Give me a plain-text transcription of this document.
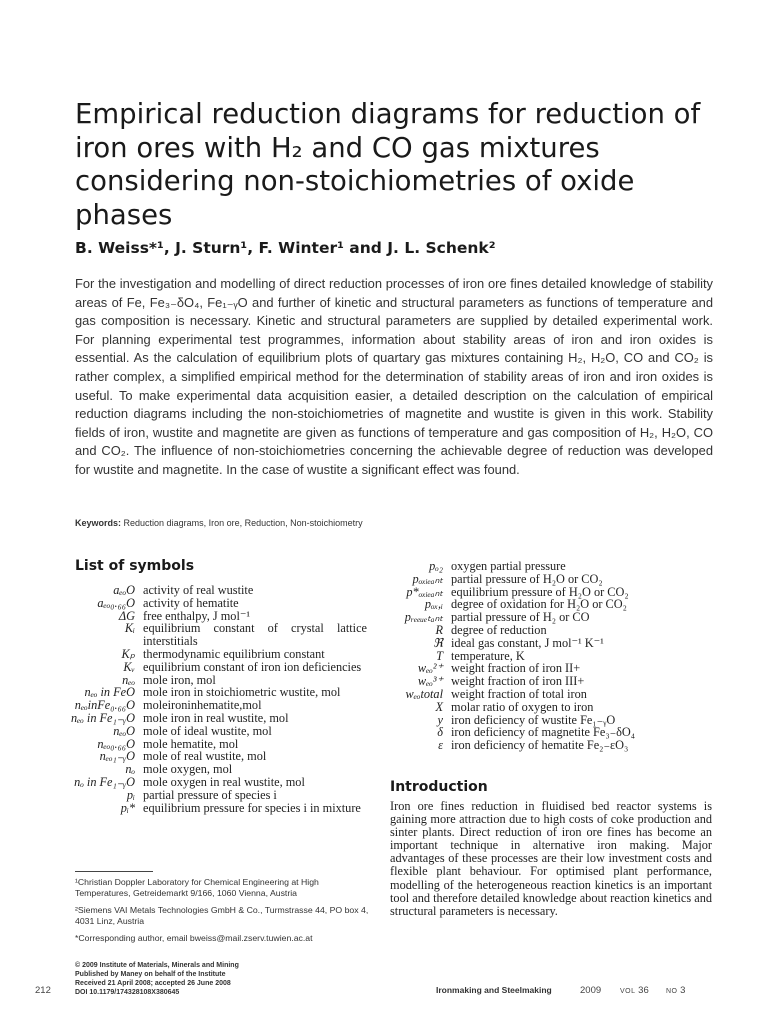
Empirical reduction diagrams for reduction of iron ores with H₂ and CO gas mixtures considering non-stoichiometries of oxide phases

B. Weiss*¹, J. Sturn¹, F. Winter¹ and J. L. Schenk²

For the investigation and modelling of direct reduction processes of iron ore fines detailed knowledge of stability areas of Fe, Fe₃₋δO₄, Fe₁₋ᵧO and further of kinetic and structural parameters as functions of temperature and gas composition is necessary. Kinetic and structural parameters are supplied by detailed experimental work. For planning experimental test programmes, information about stability areas of iron and iron oxides is essential. As the calculation of equilibrium plots of quartary gas mixtures containing H₂, H₂O, CO and CO₂ is rather complex, a simplified empirical method for the determination of stability areas of iron and iron oxides is useful. To make experimental data acquisition easier, a detailed description on the calculation of empirical reduction diagrams including the non-stoichiometries of magnetite and wustite is given in this work. Stability fields of iron, wustite and magnetite are given as functions of temperature and gas composition of H₂, H₂O, CO and CO₂. The influence of non-stoichiometries concerning the achievable degree of reduction was developed for wustite and magnetite. In the case of wustite a significant effect was found.

Keywords: Reduction diagrams, Iron ore, Reduction, Non-stoichiometry

List of symbols
aₑₒO	activity of real wustite
aₑₒ₀.₆₆O	activity of hematite
ΔG	free enthalpy, J mol⁻¹
Kᵢ	equilibrium constant of crystal lattice interstitials
Kₚ	thermodynamic equilibrium constant
Kᵥ	equilibrium constant of iron ion deficiencies
nₑₒ	mole iron, mol
nₑₒ in FeO	mole iron in stoichiometric wustite, mol
nₑₒinFe₀.₆₆O	moleironinhematite,mol
nₑₒ in Fe₁₋ᵧO	mole iron in real wustite, mol
nₑₒO	mole of ideal wustite, mol
nₑₒ₀.₆₆O	mole hematite, mol
nₑₒ₁₋ᵧO	mole of real wustite, mol
nₒ	mole oxygen, mol
nₒ in Fe₁₋ᵧO	mole oxygen in real wustite, mol
pᵢ	partial pressure of species i
pᵢ*	equilibrium pressure for species i in mixture
pₒ₂	oxygen partial pressure
pₒₓᵢₑₐₙₜ	partial pressure of H₂O or CO₂
p*ₒₓᵢₑₐₙₜ	equilibrium pressure of H₂O or CO₂
pₒₓ,ᵢ	degree of oxidation for H₂O or CO₂
pᵣₑₑᵤₑₜₐₙₜ	partial pressure of H₂ or CO
R	degree of reduction
ℜ	ideal gas constant, J mol⁻¹ K⁻¹
T	temperature, K
wₑₒ²⁺	weight fraction of iron II+
wₑₒ³⁺	weight fraction of iron III+
wₑₒtotal	weight fraction of total iron
X	molar ratio of oxygen to iron
y	iron deficiency of wustite Fe₁₋ᵧO
δ	iron deficiency of magnetite Fe₃₋δO₄
ε	iron deficiency of hematite Fe₂₋εO₃
Introduction

Iron ore fines reduction in fluidised bed reactor systems is gaining more attraction due to high costs of coke production and sinter plants. Direct reduction of iron ore fines has become an important technique in alternative iron making. Major advantages of these processes are their low investment costs and flexible plant behaviour. For optimised plant performance, modelling of the heterogeneous reaction kinetics is an important tool and therefore detailed knowledge about reaction kinetics and structural parameters is necessary.

¹Christian Doppler Laboratory for Chemical Engineering at High Temperatures, Getreidemarkt 9/166, 1060 Vienna, Austria

²Siemens VAI Metals Technologies GmbH & Co., Turmstrasse 44, PO box 4, 4031 Linz, Austria

*Corresponding author, email bweiss@mail.zserv.tuwien.ac.at

© 2009 Institute of Materials, Minerals and Mining

Published by Maney on behalf of the Institute

Received 21 April 2008; accepted 26 June 2008

DOI 10.1179/174328108X380645

212	Ironmaking and Steelmaking	2009	VOL 36 NO 3
